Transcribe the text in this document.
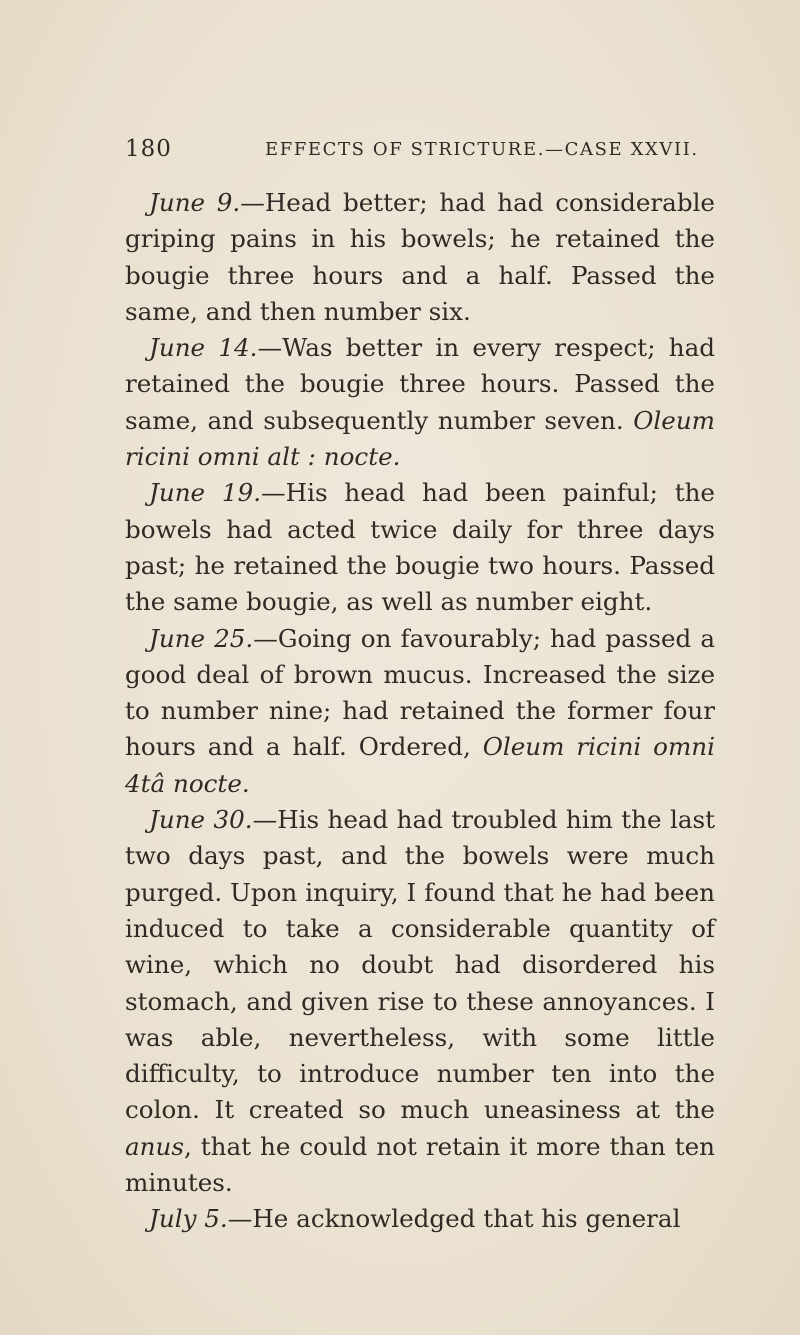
180	EFFECTS OF STRICTURE.—CASE XXVII.

June 9.—Head better; had had considerable griping pains in his bowels; he retained the bougie three hours and a half. Passed the same, and then number six.

June 14.—Was better in every respect; had retained the bougie three hours. Passed the same, and subsequently number seven. Oleum ricini omni alt : nocte.

June 19.—His head had been painful; the bowels had acted twice daily for three days past; he retained the bougie two hours. Passed the same bougie, as well as number eight.

June 25.—Going on favourably; had passed a good deal of brown mucus. Increased the size to number nine; had retained the former four hours and a half. Ordered, Oleum ricini omni 4tâ nocte.

June 30.—His head had troubled him the last two days past, and the bowels were much purged. Upon inquiry, I found that he had been induced to take a considerable quantity of wine, which no doubt had disordered his stomach, and given rise to these annoyances. I was able, nevertheless, with some little difficulty, to introduce number ten into the colon. It created so much uneasiness at the anus, that he could not retain it more than ten minutes.

July 5.—He acknowledged that his general
